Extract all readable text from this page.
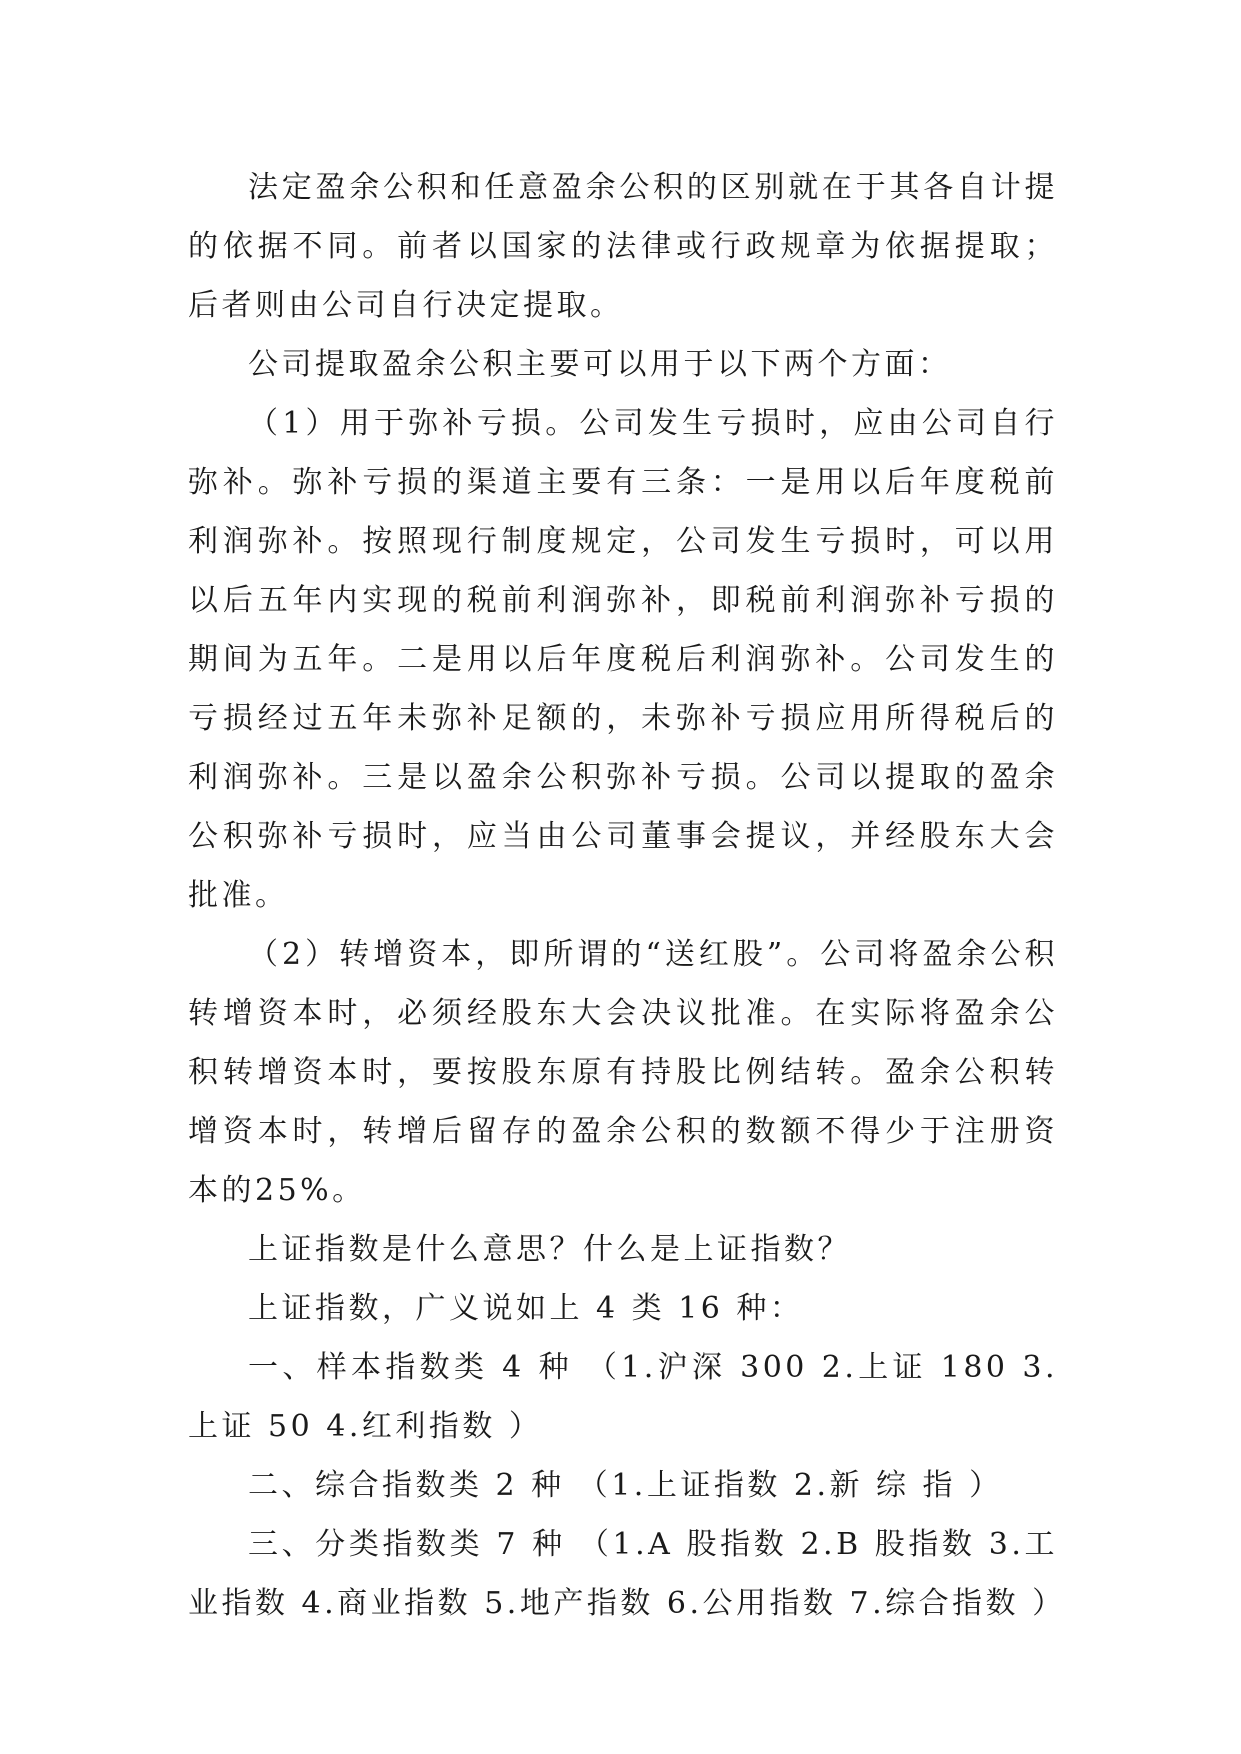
法定盈余公积和任意盈余公积的区别就在于其各自计提的依据不同。前者以国家的法律或行政规章为依据提取；后者则由公司自行决定提取。

公司提取盈余公积主要可以用于以下两个方面：

（1）用于弥补亏损。公司发生亏损时，应由公司自行弥补。弥补亏损的渠道主要有三条：一是用以后年度税前利润弥补。按照现行制度规定，公司发生亏损时，可以用以后五年内实现的税前利润弥补，即税前利润弥补亏损的期间为五年。二是用以后年度税后利润弥补。公司发生的亏损经过五年未弥补足额的，未弥补亏损应用所得税后的利润弥补。三是以盈余公积弥补亏损。公司以提取的盈余公积弥补亏损时，应当由公司董事会提议，并经股东大会批准。

（2）转增资本，即所谓的“送红股”。公司将盈余公积转增资本时，必须经股东大会决议批准。在实际将盈余公积转增资本时，要按股东原有持股比例结转。盈余公积转增资本时，转增后留存的盈余公积的数额不得少于注册资本的25%。

上证指数是什么意思？什么是上证指数？

上证指数，广义说如上 4 类 16 种：

一、样本指数类 4 种 （1.沪深 300 2.上证 180 3.上证 50 4.红利指数 ）

二、综合指数类 2 种 （1.上证指数 2.新 综 指 ）

三、分类指数类 7 种 （1.A 股指数 2.B 股指数 3.工业指数 4.商业指数 5.地产指数 6.公用指数 7.综合指数 ）
